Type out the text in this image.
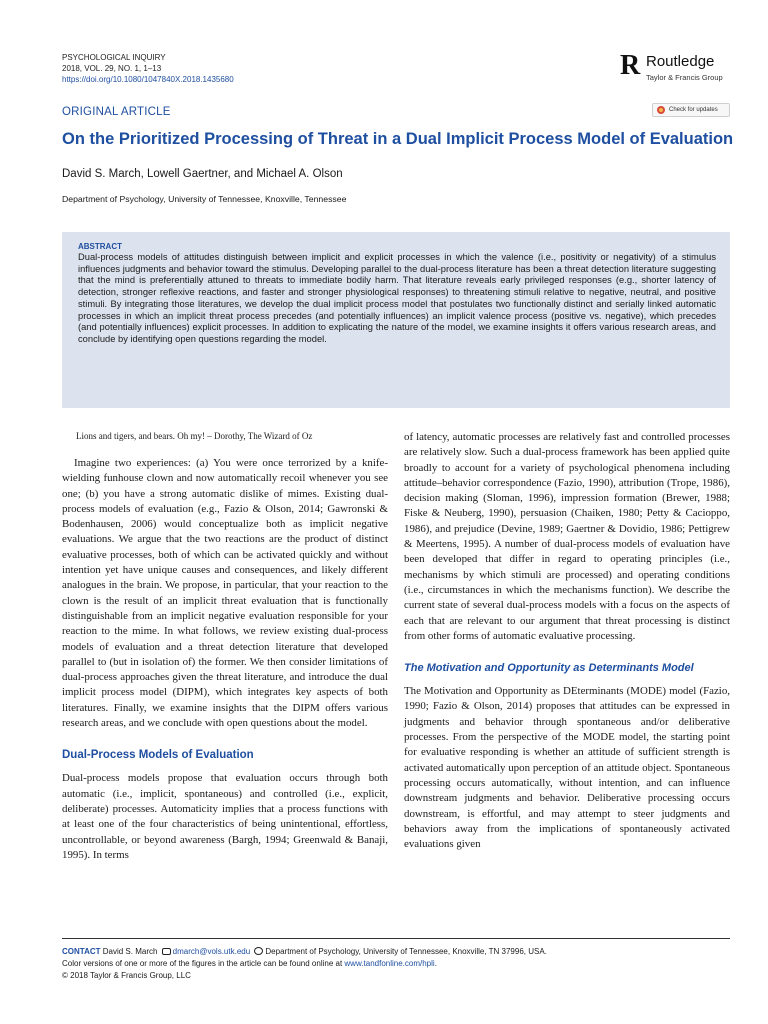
PSYCHOLOGICAL INQUIRY
2018, VOL. 29, NO. 1, 1–13
https://doi.org/10.1080/1047840X.2018.1435680	R Routledge
Taylor & Francis Group
ORIGINAL ARTICLE	Check for updates
On the Prioritized Processing of Threat in a Dual Implicit Process Model of Evaluation
David S. March, Lowell Gaertner, and Michael A. Olson
Department of Psychology, University of Tennessee, Knoxville, Tennessee
ABSTRACT
Dual-process models of attitudes distinguish between implicit and explicit processes in which the valence (i.e., positivity or negativity) of a stimulus influences judgments and behavior toward the stimulus. Developing parallel to the dual-process literature has been a threat detection literature suggesting that the mind is preferentially attuned to threats to immediate bodily harm. That literature reveals early privileged responses (e.g., shorter latency of detection, stronger reflexive reactions, and faster and stronger physiological responses) to threatening stimuli relative to negative, neutral, and positive stimuli. By integrating those literatures, we develop the dual implicit process model that postulates two functionally distinct and serially linked automatic processes in which an implicit threat process precedes (and potentially influences) an implicit valence process (positive vs. negative), which precedes (and potentially influences) explicit processes. In addition to explicating the nature of the model, we examine insights it offers various research areas, and conclude by identifying open questions regarding the model.
Lions and tigers, and bears. Oh my! – Dorothy, The Wizard of Oz

Imagine two experiences: (a) You were once terrorized by a knife-wielding funhouse clown and now automatically recoil whenever you see one; (b) you have a strong automatic dislike of mimes. Existing dual-process models of evaluation (e.g., Fazio & Olson, 2014; Gawronski & Bodenhausen, 2006) would conceptualize both as implicit negative evaluations. We argue that the two reactions are the product of distinct evaluative processes, both of which can be activated quickly and without intention yet have unique causes and consequences, and likely different analogues in the brain. We propose, in particular, that your reaction to the clown is the result of an implicit threat evaluation that is functionally distinguishable from an implicit negative evaluation responsible for your reaction to the mime. In what follows, we review existing dual-process models of evaluation and a threat detection literature that developed parallel to (but in isolation of) the former. We then consider limitations of dual-process approaches given the threat literature, and introduce the dual implicit process model (DIPM), which integrates key aspects of both literatures. Finally, we examine insights that the DIPM offers various research areas, and we conclude with open questions about the model.

Dual-Process Models of Evaluation

Dual-process models propose that evaluation occurs through both automatic (i.e., implicit, spontaneous) and controlled (i.e., explicit, deliberate) processes. Automaticity implies that a process functions with at least one of the four characteristics of being unintentional, effortless, uncontrollable, or beyond awareness (Bargh, 1994; Greenwald & Banaji, 1995). In terms

of latency, automatic processes are relatively fast and controlled processes are relatively slow. Such a dual-process framework has been applied quite broadly to account for a variety of psychological phenomena including attitude–behavior correspondence (Fazio, 1990), attribution (Trope, 1986), decision making (Sloman, 1996), impression formation (Brewer, 1988; Fiske & Neuberg, 1990), persuasion (Chaiken, 1980; Petty & Cacioppo, 1986), and prejudice (Devine, 1989; Gaertner & Dovidio, 1986; Pettigrew & Meertens, 1995). A number of dual-process models of evaluation have been developed that differ in regard to operating principles (i.e., mechanisms by which stimuli are processed) and operating conditions (i.e., circumstances in which the mechanisms function). We describe the current state of several dual-process models with a focus on the aspects of each that are relevant to our argument that threat processing is distinct from other forms of automatic evaluative processing.

The Motivation and Opportunity as Determinants Model

The Motivation and Opportunity as DEterminants (MODE) model (Fazio, 1990; Fazio & Olson, 2014) proposes that attitudes can be expressed in judgments and behavior through spontaneous and/or deliberative processes. From the perspective of the MODE model, the starting point for evaluative responding is whether an attitude of sufficient strength is activated automatically upon perception of an attitude object. Spontaneous processing occurs automatically, without intention, and can influence downstream judgments and behavior. Deliberative processing occurs downstream, is effortful, and may attempt to steer judgments and behaviors away from the implications of spontaneously activated evaluations given

CONTACT David S. March dmarch@vols.utk.edu Department of Psychology, University of Tennessee, Knoxville, TN 37996, USA.
Color versions of one or more of the figures in the article can be found online at www.tandfonline.com/hpli.
© 2018 Taylor & Francis Group, LLC
